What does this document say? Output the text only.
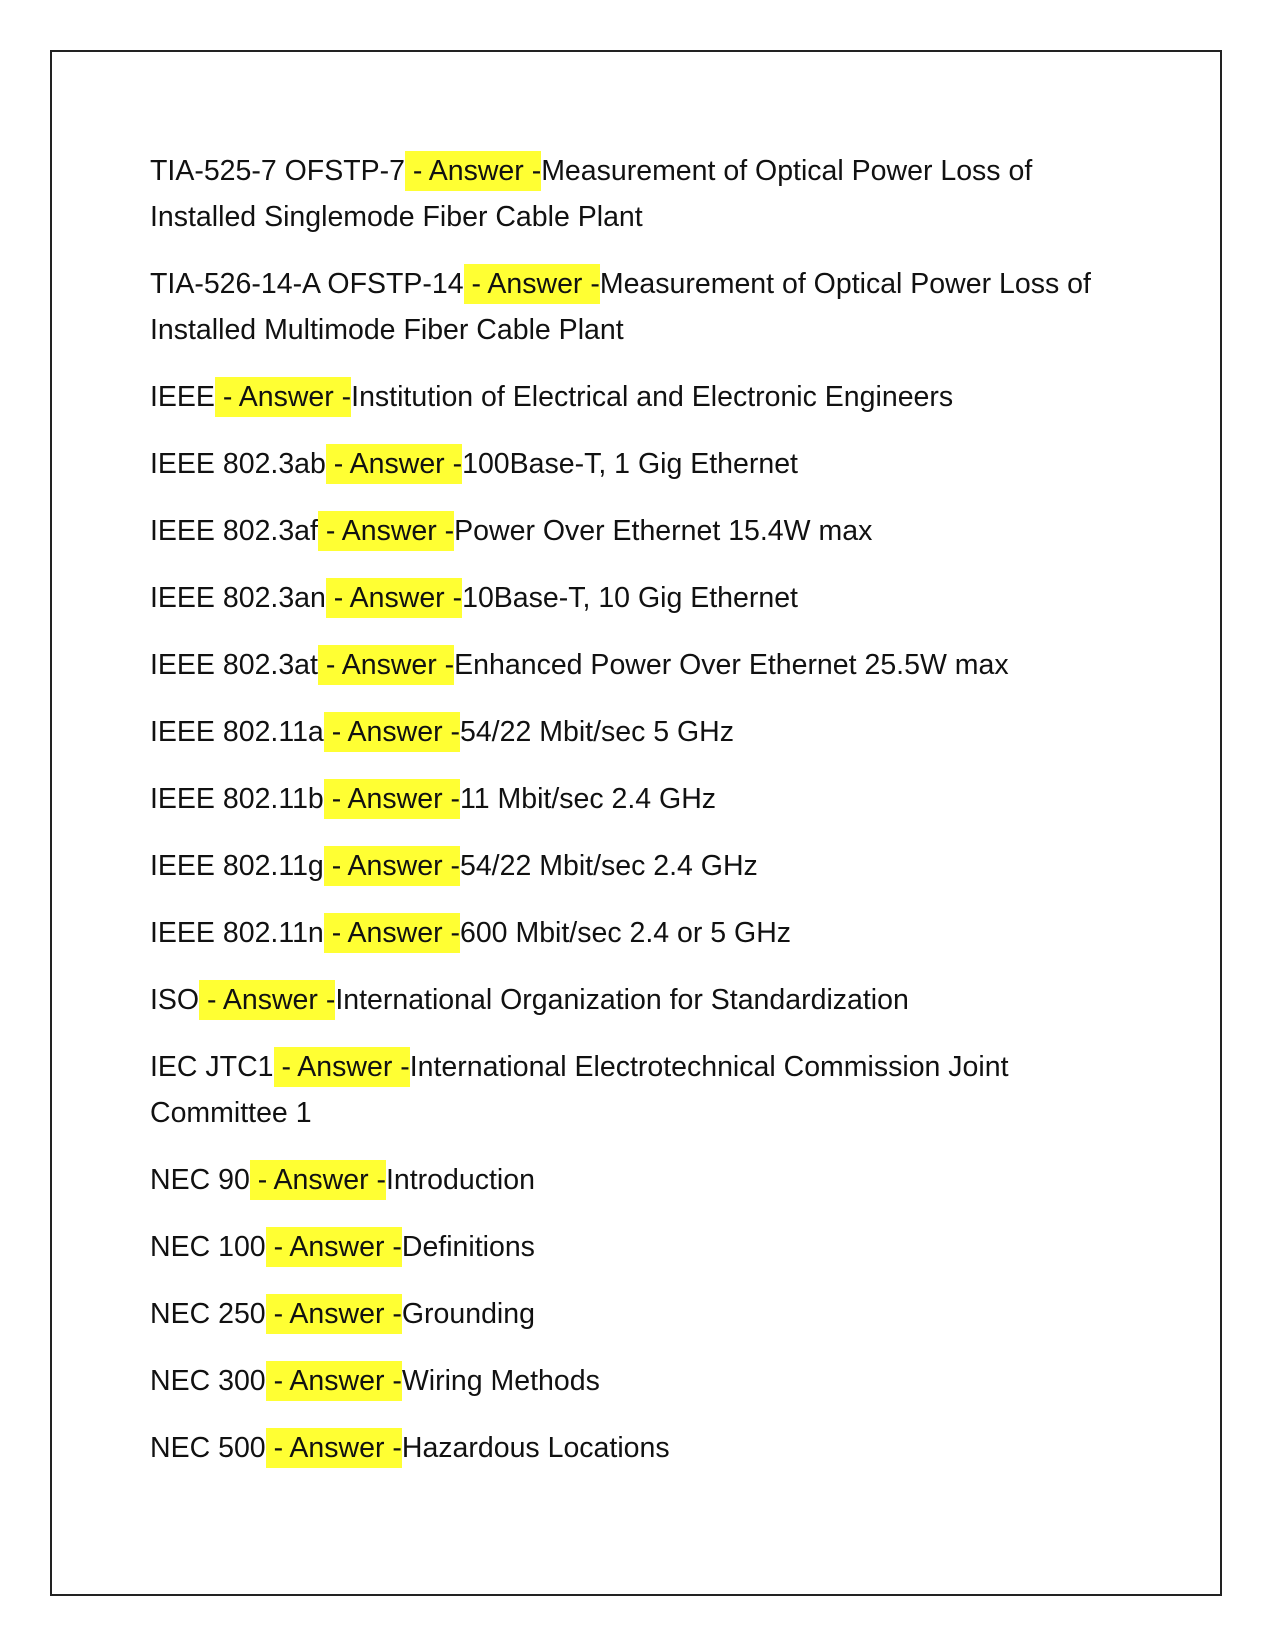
TIA-525-7 OFSTP-7 - Answer -Measurement of Optical Power Loss of Installed Singlemode Fiber Cable Plant
TIA-526-14-A OFSTP-14 - Answer -Measurement of Optical Power Loss of Installed Multimode Fiber Cable Plant
IEEE - Answer -Institution of Electrical and Electronic Engineers
IEEE 802.3ab - Answer -100Base-T, 1 Gig Ethernet
IEEE 802.3af - Answer -Power Over Ethernet 15.4W max
IEEE 802.3an - Answer -10Base-T, 10 Gig Ethernet
IEEE 802.3at - Answer -Enhanced Power Over Ethernet 25.5W max
IEEE 802.11a - Answer -54/22 Mbit/sec 5 GHz
IEEE 802.11b - Answer -11 Mbit/sec 2.4 GHz
IEEE 802.11g - Answer -54/22 Mbit/sec 2.4 GHz
IEEE 802.11n - Answer -600 Mbit/sec 2.4 or 5 GHz
ISO - Answer -International Organization for Standardization
IEC JTC1 - Answer -International Electrotechnical Commission Joint Committee 1
NEC 90 - Answer -Introduction
NEC 100 - Answer -Definitions
NEC 250 - Answer -Grounding
NEC 300 - Answer -Wiring Methods
NEC 500 - Answer -Hazardous Locations
